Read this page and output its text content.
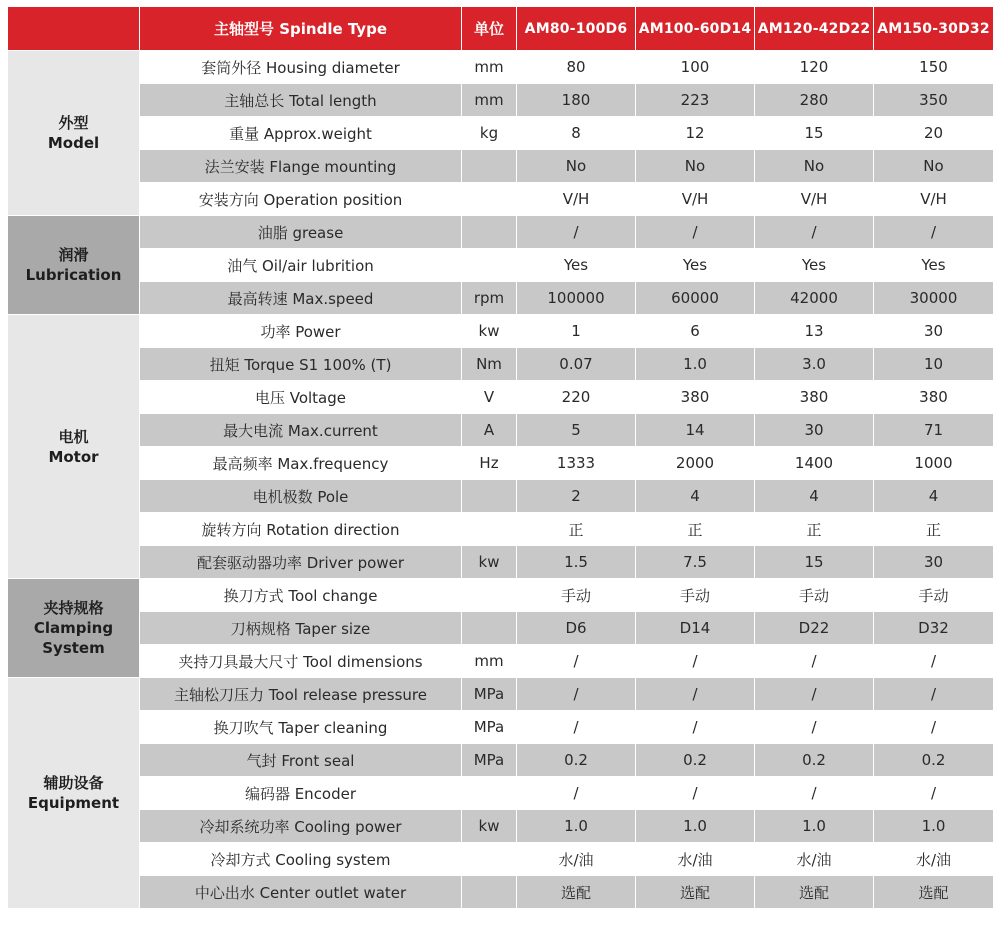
	主轴型号 Spindle Type	单位	AM80-100D6	AM100-60D14	AM120-42D22	AM150-30D32

外型
Model	套筒外径 Housing diameter	mm	80	100	120	150
	主轴总长 Total length	mm	180	223	280	350
	重量 Approx.weight	kg	8	12	15	20
	法兰安装 Flange mounting		No	No	No	No
	安装方向 Operation position		V/H	V/H	V/H	V/H

润滑
Lubrication	油脂 grease		/	/	/	/
	油气 Oil/air lubrition		Yes	Yes	Yes	Yes
	最高转速 Max.speed	rpm	100000	60000	42000	30000

电机
Motor	功率 Power	kw	1	6	13	30
	扭矩 Torque S1 100% (T)	Nm	0.07	1.0	3.0	10
	电压 Voltage	V	220	380	380	380
	最大电流 Max.current	A	5	14	30	71
	最高频率 Max.frequency	Hz	1333	2000	1400	1000
	电机极数 Pole		2	4	4	4
	旋转方向 Rotation direction		正	正	正	正
	配套驱动器功率 Driver power	kw	1.5	7.5	15	30

夹持规格
Clamping System	换刀方式 Tool change		手动	手动	手动	手动
	刀柄规格 Taper size		D6	D14	D22	D32
	夹持刀具最大尺寸 Tool dimensions	mm	/	/	/	/

辅助设备
Equipment	主轴松刀压力 Tool release pressure	MPa	/	/	/	/
	换刀吹气 Taper cleaning	MPa	/	/	/	/
	气封 Front seal	MPa	0.2	0.2	0.2	0.2
	编码器 Encoder		/	/	/	/
	冷却系统功率 Cooling power	kw	1.0	1.0	1.0	1.0
	冷却方式 Cooling system		水/油	水/油	水/油	水/油
	中心出水 Center outlet water		选配	选配	选配	选配
